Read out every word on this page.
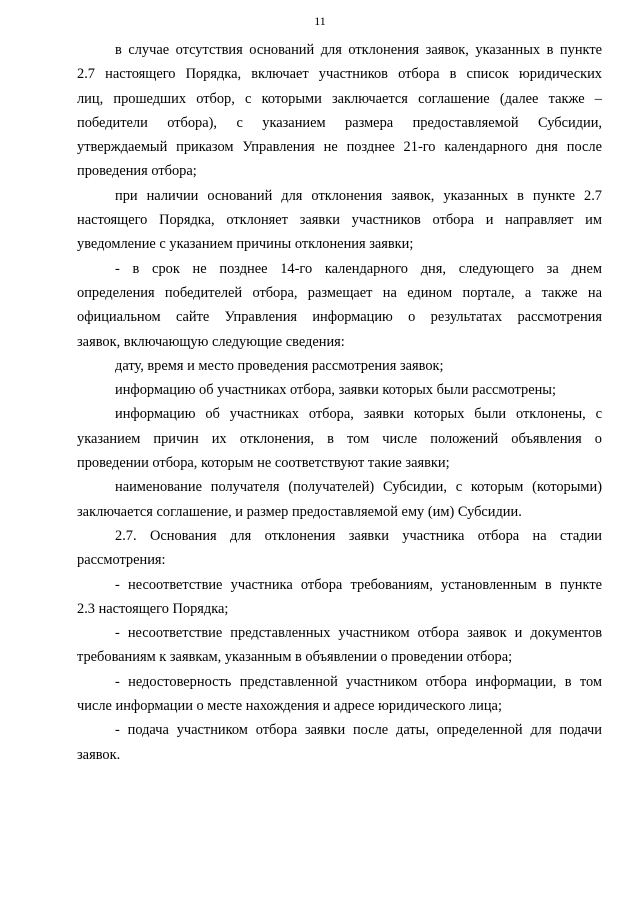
11
в случае отсутствия оснований для отклонения заявок, указанных в пункте
2.7 настоящего Порядка, включает участников отбора в список юридических
лиц, прошедших отбор, с которыми заключается соглашение (далее также –
победители отбора), с указанием размера предоставляемой Субсидии,
утверждаемый приказом Управления не позднее 21-го календарного дня после
проведения отбора;
при наличии оснований для отклонения заявок, указанных в пункте 2.7
настоящего Порядка, отклоняет заявки участников отбора и направляет им
уведомление с указанием причины отклонения заявки;
- в срок не позднее 14-го календарного дня, следующего за днем
определения победителей отбора, размещает на едином портале, а также на
официальном сайте Управления информацию о результатах рассмотрения
заявок, включающую следующие сведения:
дату, время и место проведения рассмотрения заявок;
информацию об участниках отбора, заявки которых были рассмотрены;
информацию об участниках отбора, заявки которых были отклонены, с
указанием причин их отклонения, в том числе положений объявления о
проведении отбора, которым не соответствуют такие заявки;
наименование получателя (получателей) Субсидии, с которым (которыми)
заключается соглашение, и размер предоставляемой ему (им) Субсидии.
2.7. Основания для отклонения заявки участника отбора на стадии
рассмотрения:
- несоответствие участника отбора требованиям, установленным в пункте
2.3 настоящего Порядка;
- несоответствие представленных участником отбора заявок и документов
требованиям к заявкам, указанным в объявлении о проведении отбора;
- недостоверность представленной участником отбора информации, в том
числе информации о месте нахождения и адресе юридического лица;
- подача участником отбора заявки после даты, определенной для подачи
заявок.
